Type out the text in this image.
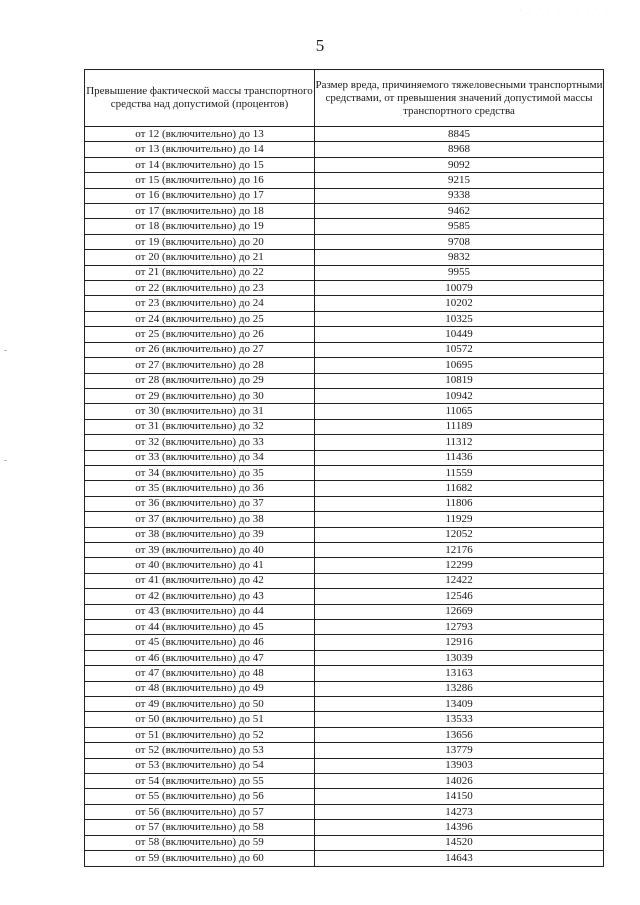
· · · · · · · · · ·
5
Превышение фактической массы транспортного средства над допустимой (процентов)	Размер вреда, причиняемого тяжеловесными транспортными средствами, от превышения значений допустимой массы транспортного средства
от 12 (включительно) до 13	8845
от 13 (включительно) до 14	8968
от 14 (включительно) до 15	9092
от 15 (включительно) до 16	9215
от 16 (включительно) до 17	9338
от 17 (включительно) до 18	9462
от 18 (включительно) до 19	9585
от 19 (включительно) до 20	9708
от 20 (включительно) до 21	9832
от 21 (включительно) до 22	9955
от 22 (включительно) до 23	10079
от 23 (включительно) до 24	10202
от 24 (включительно) до 25	10325
от 25 (включительно) до 26	10449
от 26 (включительно) до 27	10572
от 27 (включительно) до 28	10695
от 28 (включительно) до 29	10819
от 29 (включительно) до 30	10942
от 30 (включительно) до 31	11065
от 31 (включительно) до 32	11189
от 32 (включительно) до 33	11312
от 33 (включительно) до 34	11436
от 34 (включительно) до 35	11559
от 35 (включительно) до 36	11682
от 36 (включительно) до 37	11806
от 37 (включительно) до 38	11929
от 38 (включительно) до 39	12052
от 39 (включительно) до 40	12176
от 40 (включительно) до 41	12299
от 41 (включительно) до 42	12422
от 42 (включительно) до 43	12546
от 43 (включительно) до 44	12669
от 44 (включительно) до 45	12793
от 45 (включительно) до 46	12916
от 46 (включительно) до 47	13039
от 47 (включительно) до 48	13163
от 48 (включительно) до 49	13286
от 49 (включительно) до 50	13409
от 50 (включительно) до 51	13533
от 51 (включительно) до 52	13656
от 52 (включительно) до 53	13779
от 53 (включительно) до 54	13903
от 54 (включительно) до 55	14026
от 55 (включительно) до 56	14150
от 56 (включительно) до 57	14273
от 57 (включительно) до 58	14396
от 58 (включительно) до 59	14520
от 59 (включительно) до 60	14643
